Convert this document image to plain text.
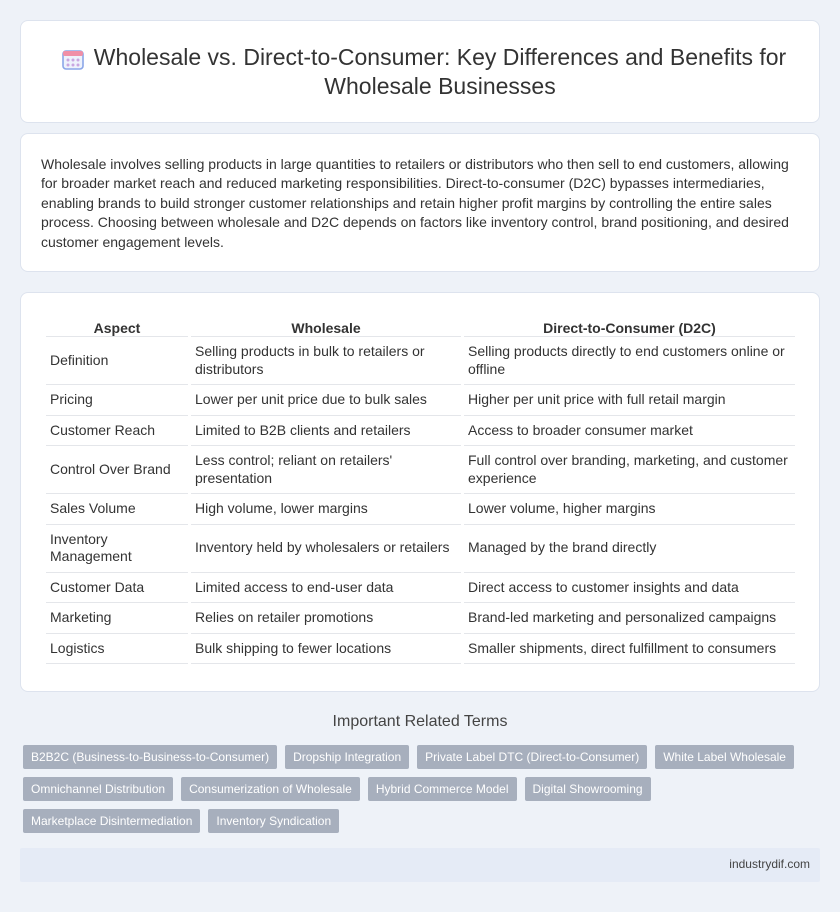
Wholesale vs. Direct-to-Consumer: Key Differences and Benefits for Wholesale Businesses

Wholesale involves selling products in large quantities to retailers or distributors who then sell to end customers, allowing for broader market reach and reduced marketing responsibilities. Direct-to-consumer (D2C) bypasses intermediaries, enabling brands to build stronger customer relationships and retain higher profit margins by controlling the entire sales process. Choosing between wholesale and D2C depends on factors like inventory control, brand positioning, and desired customer engagement levels.

Aspect	Wholesale	Direct-to-Consumer (D2C)
Definition	Selling products in bulk to retailers or distributors	Selling products directly to end customers online or offline
Pricing	Lower per unit price due to bulk sales	Higher per unit price with full retail margin
Customer Reach	Limited to B2B clients and retailers	Access to broader consumer market
Control Over Brand	Less control; reliant on retailers' presentation	Full control over branding, marketing, and customer experience
Sales Volume	High volume, lower margins	Lower volume, higher margins
Inventory Management	Inventory held by wholesalers or retailers	Managed by the brand directly
Customer Data	Limited access to end-user data	Direct access to customer insights and data
Marketing	Relies on retailer promotions	Brand-led marketing and personalized campaigns
Logistics	Bulk shipping to fewer locations	Smaller shipments, direct fulfillment to consumers
Important Related Terms
B2B2C (Business-to-Business-to-Consumer)	Dropship Integration	Private Label DTC (Direct-to-Consumer)	White Label Wholesale
Omnichannel Distribution	Consumerization of Wholesale	Hybrid Commerce Model	Digital Showrooming
Marketplace Disintermediation	Inventory Syndication
industrydif.com
